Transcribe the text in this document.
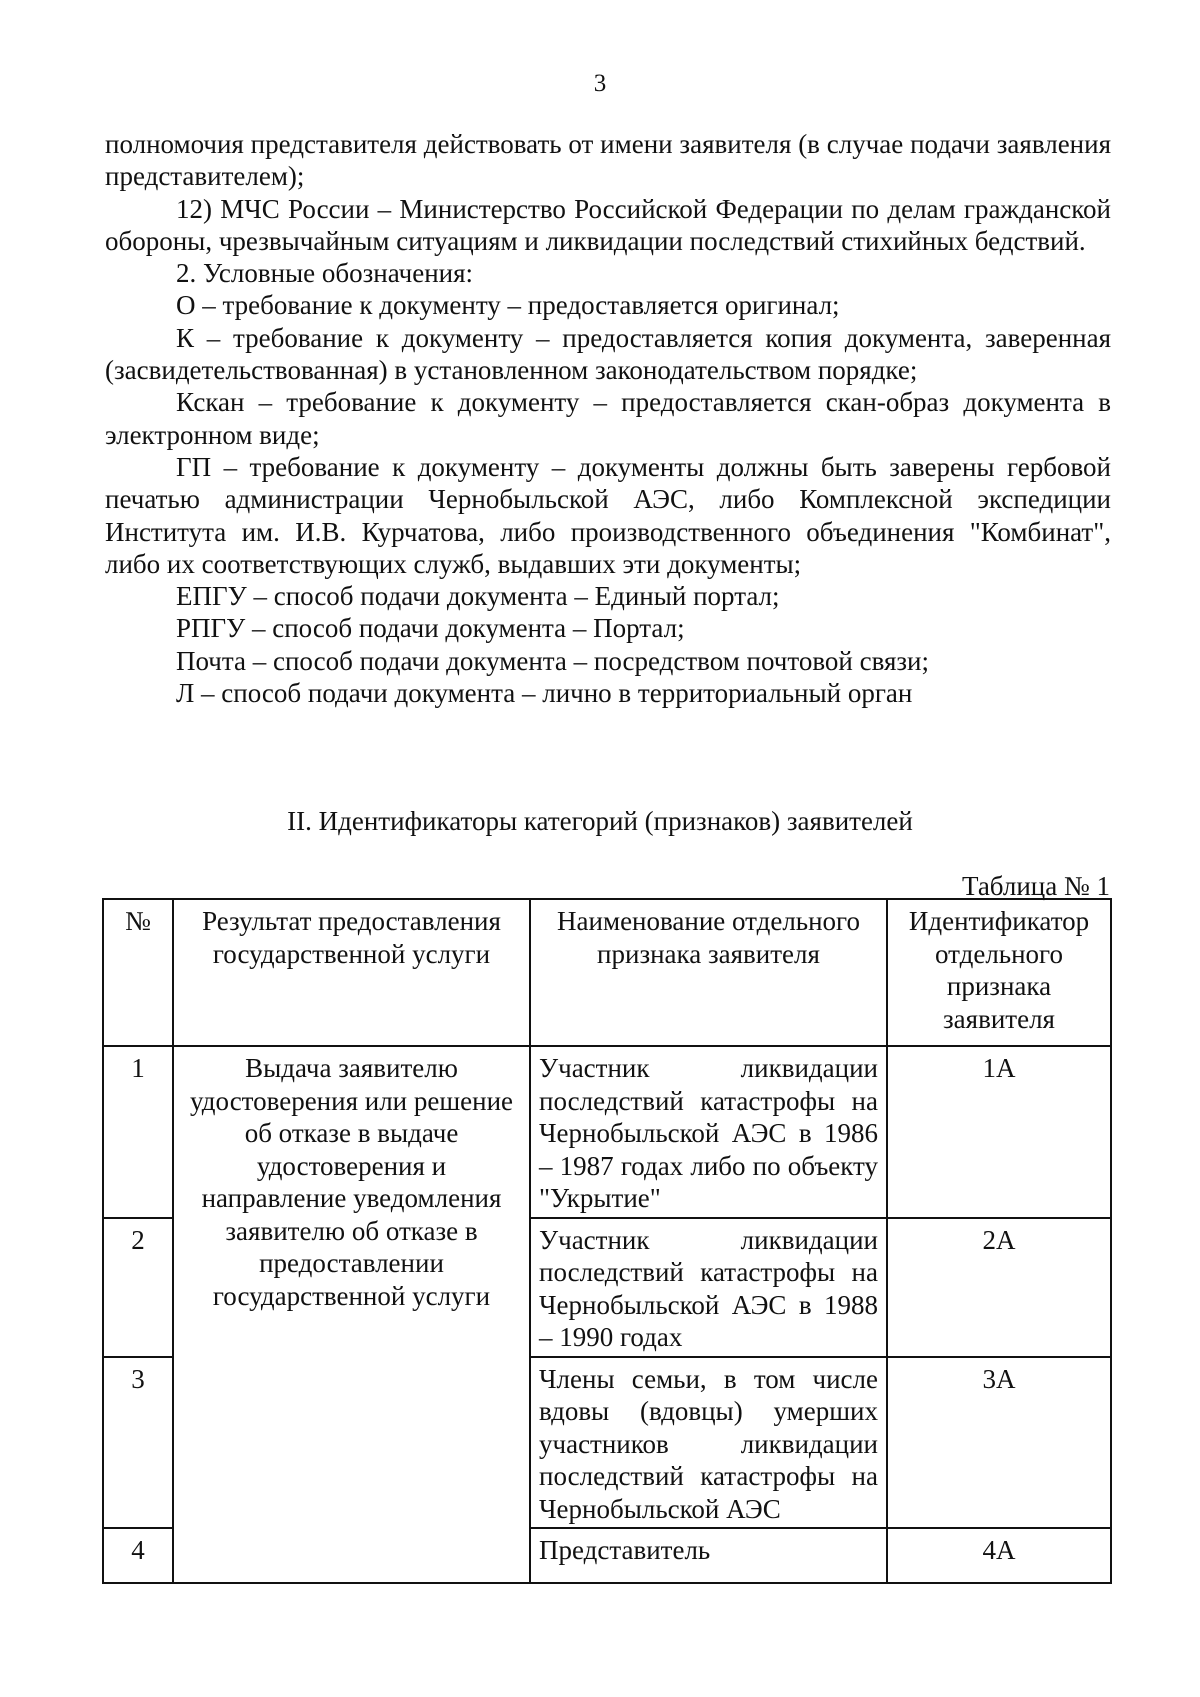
3

полномочия представителя действовать от имени заявителя (в случае подачи заявления представителем);

12) МЧС России – Министерство Российской Федерации по делам гражданской обороны, чрезвычайным ситуациям и ликвидации последствий стихийных бедствий.

2. Условные обозначения:

О – требование к документу – предоставляется оригинал;

К – требование к документу – предоставляется копия документа, заверенная (засвидетельствованная) в установленном законодательством порядке;

Кскан – требование к документу – предоставляется скан-образ документа в электронном виде;

ГП – требование к документу – документы должны быть заверены гербовой печатью администрации Чернобыльской АЭС, либо Комплексной экспедиции Института им. И.В. Курчатова, либо производственного объединения "Комбинат", либо их соответствующих служб, выдавших эти документы;

ЕПГУ – способ подачи документа – Единый портал;

РПГУ – способ подачи документа – Портал;

Почта – способ подачи документа – посредством почтовой связи;

Л – способ подачи документа – лично в территориальный орган

II. Идентификаторы категорий (признаков) заявителей
Таблица № 1
№	Результат предоставления государственной услуги	Наименование отдельного признака заявителя	Идентификатор отдельного признака заявителя
1	Выдача заявителю удостоверения или решение об отказе в выдаче удостоверения и направление уведомления заявителю об отказе в предоставлении государственной услуги	Участник ликвидации последствий катастрофы на Чернобыльской АЭС в 1986 – 1987 годах либо по объекту "Укрытие"	1А
2		Участник ликвидации последствий катастрофы на Чернобыльской АЭС в 1988 – 1990 годах	2А
3		Члены семьи, в том числе вдовы (вдовцы) умерших участников ликвидации последствий катастрофы на Чернобыльской АЭС	3А
4		Представитель	4А
